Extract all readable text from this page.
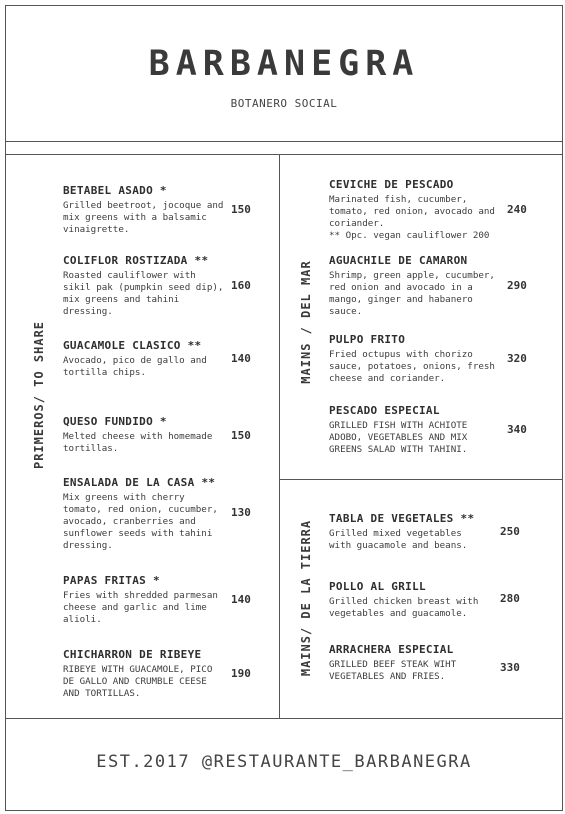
BARBANEGRA
BOTANERO SOCIAL
PRIMEROS/ TO SHARE	MAINS / DEL MAR
MAINS/ DE LA TIERRA
BETABEL ASADO *
Grilled beetroot, jocoque and
mix greens with a balsamic
vinaigrette.
150
COLIFLOR ROSTIZADA **
Roasted cauliflower with
sikil pak (pumpkin seed dip),
mix greens and tahini
dressing.
160
GUACAMOLE CLASICO **
Avocado, pico de gallo and
tortilla chips.
140
QUESO FUNDIDO *
Melted cheese with homemade
tortillas.
150
ENSALADA DE LA CASA **
Mix greens with cherry
tomato, red onion, cucumber,
avocado, cranberries and
sunflower seeds with tahini
dressing.
130
PAPAS FRITAS *
Fries with shredded parmesan
cheese and garlic and lime
alioli.
140
CHICHARRON DE RIBEYE
RIBEYE WITH GUACAMOLE, PICO
DE GALLO AND CRUMBLE CEESE
AND TORTILLAS.
190
CEVICHE DE PESCADO
Marinated fish, cucumber,
tomato, red onion, avocado and
coriander.
** Opc. vegan cauliflower 200
240
AGUACHILE DE CAMARON
Shrimp, green apple, cucumber,
red onion and avocado in a
mango, ginger and habanero
sauce.
290
PULPO FRITO
Fried octupus with chorizo
sauce, potatoes, onions, fresh
cheese and coriander.
320
PESCADO ESPECIAL
GRILLED FISH WITH ACHIOTE
ADOBO, VEGETABLES AND MIX
GREENS SALAD WITH TAHINI.
340
TABLA DE VEGETALES **
Grilled mixed vegetables
with guacamole and beans.
250
POLLO AL GRILL
Grilled chicken breast with
vegetables and guacamole.
280
ARRACHERA ESPECIAL
GRILLED BEEF STEAK WIHT
VEGETABLES AND FRIES.
330
EST.2017 @RESTAURANTE_BARBANEGRA
